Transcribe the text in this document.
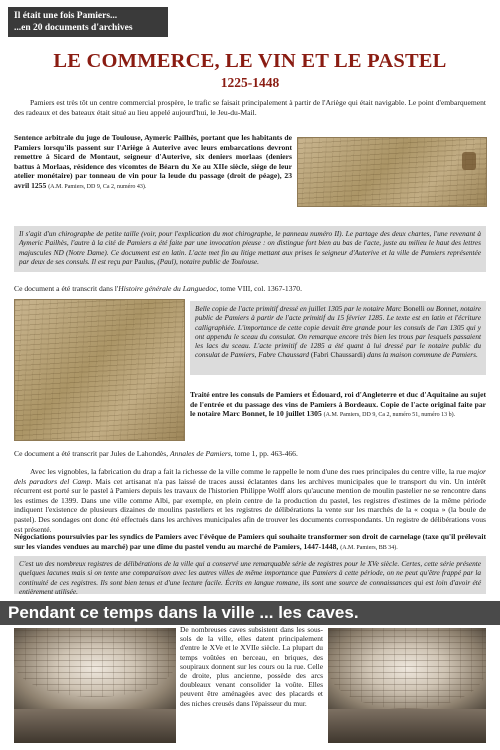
Il était une fois Pamiers...
...en 20 documents d'archives
LE COMMERCE, LE VIN ET LE PASTEL
1225-1448
Pamiers est très tôt un centre commercial prospère, le trafic se faisait principalement à partir de l'Ariège qui était navigable. Le point d'embarquement des radeaux et des bateaux était situé au lieu appelé aujourd'hui, le Jeu-du-Mail.
Sentence arbitrale du juge de Toulouse, Aymeric Pailhès, portant que les habitants de Pamiers lorsqu'ils passent sur l'Ariège à Auterive avec leurs embarcations devront remettre à Sicard de Montaut, seigneur d'Auterive, six deniers morlaas (deniers battus à Morlaas, résidence des vicomtes de Béarn du Xe au XIIe siècle, siège de leur atelier monétaire) par tonneau de vin pour la leude du passage (droit de péage), 23 avril 1255 (A.M. Pamiers, DD 9, Ca 2, numéro 43).
Il s'agit d'un chirographe de petite taille (voir, pour l'explication du mot chirographe, le panneau numéro II). Le partage des deux chartes, l'une revenant à Aymeric Pailhès, l'autre à la cité de Pamiers a été faite par une invocation pieuse : on distingue fort bien au bas de l'acte, juste au milieu le haut des lettres majuscules ND (Notre Dame). Ce document est en latin. L'acte met fin au litige mettant aux prises le seigneur d'Auterive et la ville de Pamiers représentée par deux de ses consuls. Il est reçu par Paulus, (Paul), notaire public de Toulouse.
Ce document a été transcrit dans l'Histoire générale du Languedoc, tome VIII, col. 1367-1370.
Belle copie de l'acte primitif dressé en juillet 1305 par le notaire Marc Bonelli ou Bonnet, notaire public de Pamiers à partir de l'acte primitif du 15 février 1285. Le texte est en latin et l'écriture calligraphiée. L'importance de cette copie devait être grande pour les consuls de l'an 1305 qui y ont appendu le sceau du consulat. On remarque encore très bien les trous par lesquels passaient les lacs du sceau. L'acte primitif de 1285 a été quant à lui dressé par le notaire public du consulat de Pamiers, Fabre Chaussard (Fabri Chaussardi) dans la maison commune de Pamiers.
Traité entre les consuls de Pamiers et Édouard, roi d'Angleterre et duc d'Aquitaine au sujet de l'entrée et du passage des vins de Pamiers à Bordeaux. Copie de l'acte original faite par le notaire Marc Bonnet, le 10 juillet 1305 (A.M. Pamiers, DD 9, Ca 2, numéro 51, numéro 13 b).
Ce document a été transcrit par Jules de Lahondès, Annales de Pamiers, tome 1, pp. 463-466.
Avec les vignobles, la fabrication du drap a fait la richesse de la ville comme le rappelle le nom d'une des rues principales du centre ville, la rue major dels paradors del Camp. Mais cet artisanat n'a pas laissé de traces aussi éclatantes dans les archives municipales que le transport du vin. Un intérêt récurrent est porté sur le pastel à Pamiers depuis les travaux de l'historien Philippe Wolff alors qu'aucune mention de moulin pastelier ne se rencontre dans les estimes de 1399. Dans une ville comme Albi, par exemple, en plein centre de la production du pastel, les registres d'estimes de la même période indiquent l'existence de plusieurs dizaines de moulins pasteliers et les registres de délibérations la vente sur les marchés de la « coqua » (la boule de pastel). Des sondages ont donc été effectués dans les archives municipales afin de trouver les documents correspondants. Un registre de délibérations vous est présenté.
Négociations poursuivies par les syndics de Pamiers avec l'évêque de Pamiers qui souhaite transformer son droit de carnelage (taxe qu'il prélevait sur les viandes vendues au marché) par une dîme du pastel vendu au marché de Pamiers, 1447-1448, (A.M. Pamiers, BB 34).
C'est un des nombreux registres de délibérations de la ville qui a conservé une remarquable série de registres pour le XVe siècle. Certes, cette série présente quelques lacunes mais si on tente une comparaison avec les autres villes de même importance que Pamiers à cette période, on ne peut qu'être frappé par la continuité de ces registres. Ils sont bien tenus et d'une lecture facile. Écrits en langue romane, ils sont une source de connaissances qui est loin d'avoir été entièrement utilisée.
Pendant ce temps dans la ville ... les caves.
De nombreuses caves subsistent dans les sous-sols de la ville, elles datent principalement d'entre le XVe et le XVIIe siècle. La plupart du temps voûtées en berceau, en briques, des soupiraux donnent sur les cours ou la rue. Celle de droite, plus ancienne, possède des arcs doubleaux venant consolider la voûte. Elles peuvent être aménagées avec des placards et des niches creusés dans l'épaisseur du mur.
